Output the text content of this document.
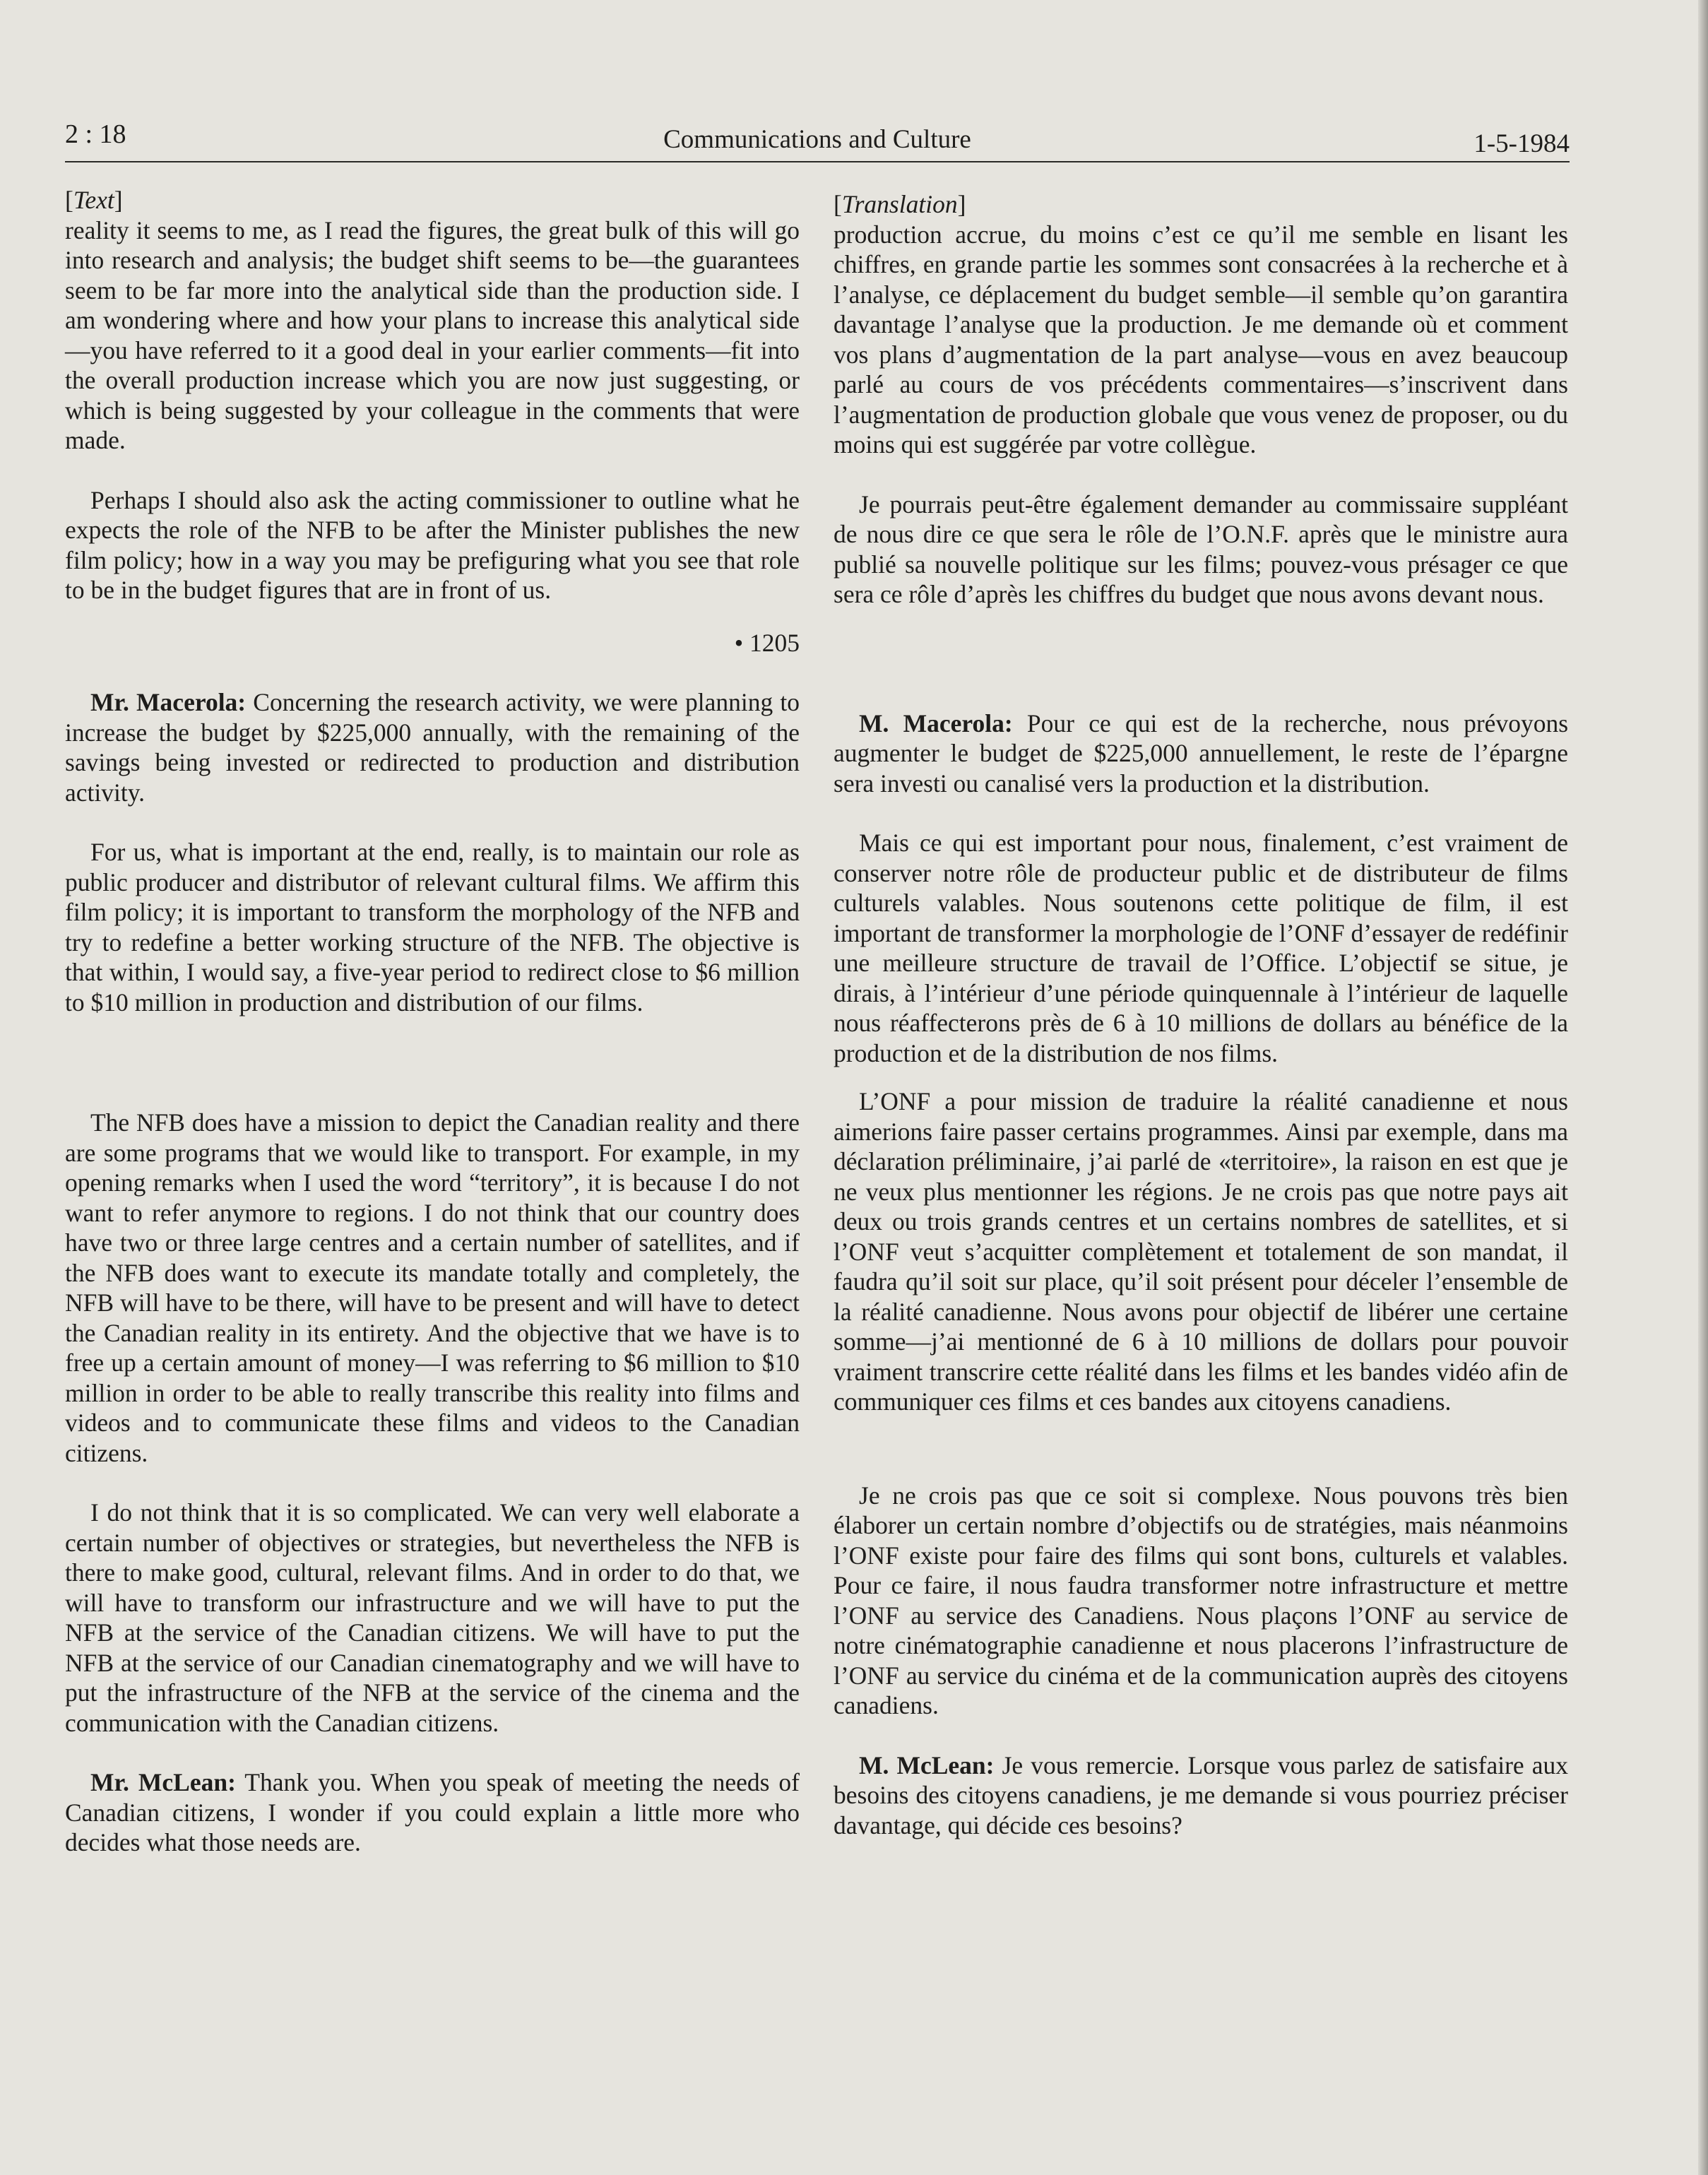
2 : 18	Communications and Culture	1-5-1984

[Text]

reality it seems to me, as I read the figures, the great bulk of this will go into research and analysis; the budget shift seems to be—the guarantees seem to be far more into the analytical side than the production side. I am wondering where and how your plans to increase this analytical side—you have referred to it a good deal in your earlier comments—fit into the overall production increase which you are now just suggesting, or which is being suggested by your colleague in the comments that were made.

Perhaps I should also ask the acting commissioner to outline what he expects the role of the NFB to be after the Minister publishes the new film policy; how in a way you may be prefiguring what you see that role to be in the budget figures that are in front of us.

• 1205

Mr. Macerola: Concerning the research activity, we were planning to increase the budget by $225,000 annually, with the remaining of the savings being invested or redirected to production and distribution activity.

For us, what is important at the end, really, is to maintain our role as public producer and distributor of relevant cultural films. We affirm this film policy; it is important to transform the morphology of the NFB and try to redefine a better working structure of the NFB. The objective is that within, I would say, a five-year period to redirect close to $6 million to $10 million in production and distribution of our films.

The NFB does have a mission to depict the Canadian reality and there are some programs that we would like to transport. For example, in my opening remarks when I used the word “territory”, it is because I do not want to refer anymore to regions. I do not think that our country does have two or three large centres and a certain number of satellites, and if the NFB does want to execute its mandate totally and completely, the NFB will have to be there, will have to be present and will have to detect the Canadian reality in its entirety. And the objective that we have is to free up a certain amount of money—I was referring to $6 million to $10 million in order to be able to really transcribe this reality into films and videos and to communicate these films and videos to the Canadian citizens.

I do not think that it is so complicated. We can very well elaborate a certain number of objectives or strategies, but nevertheless the NFB is there to make good, cultural, relevant films. And in order to do that, we will have to transform our infrastructure and we will have to put the NFB at the service of the Canadian citizens. We will have to put the NFB at the service of our Canadian cinematography and we will have to put the infrastructure of the NFB at the service of the cinema and the communication with the Canadian citizens.

Mr. McLean: Thank you. When you speak of meeting the needs of Canadian citizens, I wonder if you could explain a little more who decides what those needs are.

[Translation]

production accrue, du moins c’est ce qu’il me semble en lisant les chiffres, en grande partie les sommes sont consacrées à la recherche et à l’analyse, ce déplacement du budget semble—il semble qu’on garantira davantage l’analyse que la production. Je me demande où et comment vos plans d’augmentation de la part analyse—vous en avez beaucoup parlé au cours de vos précédents commentaires—s’inscrivent dans l’augmentation de production globale que vous venez de proposer, ou du moins qui est suggérée par votre collègue.

Je pourrais peut-être également demander au commissaire suppléant de nous dire ce que sera le rôle de l’O.N.F. après que le ministre aura publié sa nouvelle politique sur les films; pouvez-vous présager ce que sera ce rôle d’après les chiffres du budget que nous avons devant nous.

M. Macerola: Pour ce qui est de la recherche, nous prévoyons augmenter le budget de $225,000 annuellement, le reste de l’épargne sera investi ou canalisé vers la production et la distribution.

Mais ce qui est important pour nous, finalement, c’est vraiment de conserver notre rôle de producteur public et de distributeur de films culturels valables. Nous soutenons cette politique de film, il est important de transformer la morphologie de l’ONF d’essayer de redéfinir une meilleure structure de travail de l’Office. L’objectif se situe, je dirais, à l’intérieur d’une période quinquennale à l’intérieur de laquelle nous réaffecterons près de 6 à 10 millions de dollars au bénéfice de la production et de la distribution de nos films.

L’ONF a pour mission de traduire la réalité canadienne et nous aimerions faire passer certains programmes. Ainsi par exemple, dans ma déclaration préliminaire, j’ai parlé de «territoire», la raison en est que je ne veux plus mentionner les régions. Je ne crois pas que notre pays ait deux ou trois grands centres et un certains nombres de satellites, et si l’ONF veut s’acquitter complètement et totalement de son mandat, il faudra qu’il soit sur place, qu’il soit présent pour déceler l’ensemble de la réalité canadienne. Nous avons pour objectif de libérer une certaine somme—j’ai mentionné de 6 à 10 millions de dollars pour pouvoir vraiment transcrire cette réalité dans les films et les bandes vidéo afin de communiquer ces films et ces bandes aux citoyens canadiens.

Je ne crois pas que ce soit si complexe. Nous pouvons très bien élaborer un certain nombre d’objectifs ou de stratégies, mais néanmoins l’ONF existe pour faire des films qui sont bons, culturels et valables. Pour ce faire, il nous faudra transformer notre infrastructure et mettre l’ONF au service des Canadiens. Nous plaçons l’ONF au service de notre cinématographie canadienne et nous placerons l’infrastructure de l’ONF au service du cinéma et de la communication auprès des citoyens canadiens.

M. McLean: Je vous remercie. Lorsque vous parlez de satisfaire aux besoins des citoyens canadiens, je me demande si vous pourriez préciser davantage, qui décide ces besoins?
